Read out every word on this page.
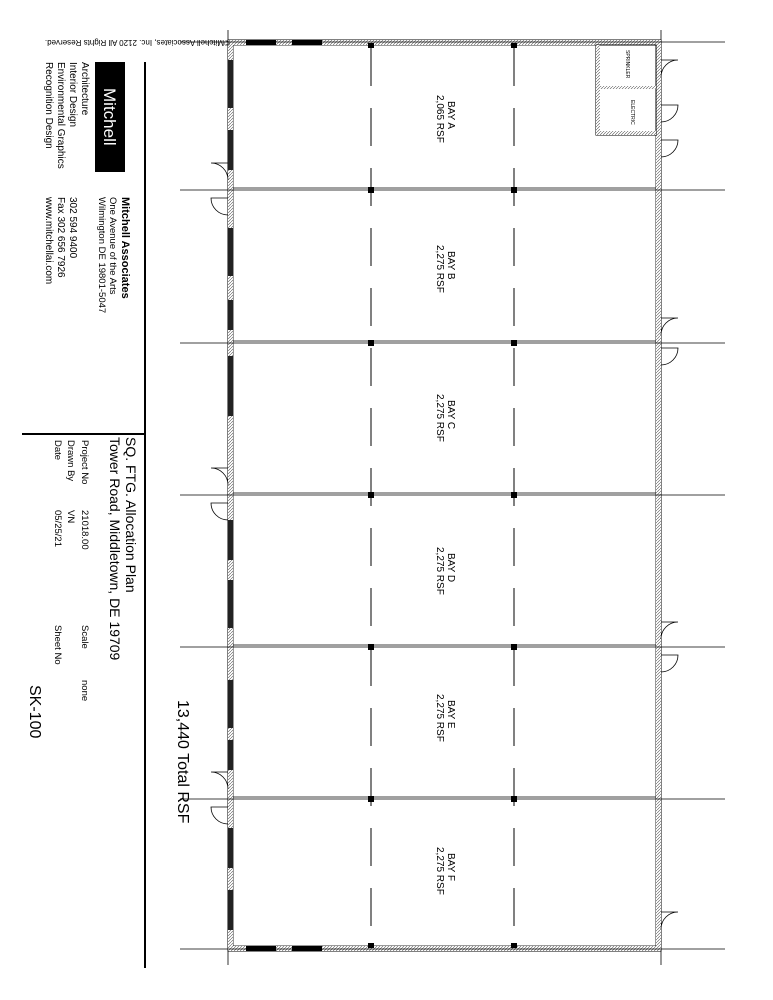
SPRINKLER
ELECTRIC
BAY A
2,065 RSF
BAY B
2,275 RSF
BAY C
2,275 RSF
BAY D
2,275 RSF
BAY E
2,275 RSF
BAY F
2,275 RSF
13,440 Total RSF
©Mitchell Associates, Inc. 2120 All Rights Reserved.
Mitchell
Architecture
Interior Design
Environmental Graphics
Recognition Design
Mitchell Associates
One Avenue of the Arts
Wilmington DE 19801-5047
302 594 9400
Fax 302 656 7926
www.mitchellai.com
SQ. FTG. Allocation Plan
Tower Road, Middletown, DE 19709
Project No
21018.00
Scale
none
Drawn By
VN
Date
05/25/21
Sheet No
SK-100
